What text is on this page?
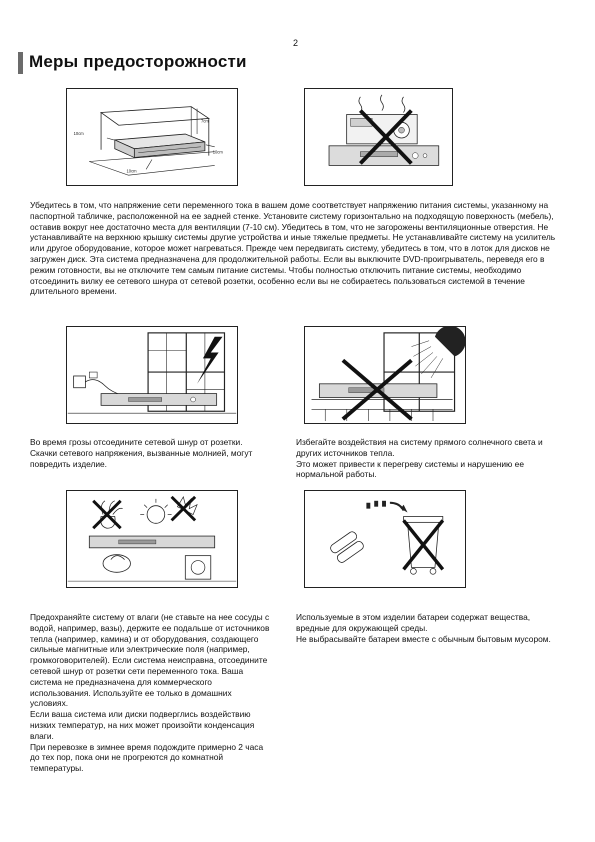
2
Меры предосторожности
10cm
10cm
10cm
7cm

Убедитесь в том, что напряжение сети переменного тока в вашем доме соответствует напряжению питания системы, указанному на паспортной табличке, расположенной на ее задней стенке. Установите систему горизонтально на подходящую поверхность (мебель), оставив вокруг нее достаточно места для вентиляции (7-10 см). Убедитесь в том, что не загорожены вентиляционные отверстия. Не устанавливайте на верхнюю крышку системы другие устройства и иные тяжелые предметы. Не устанавливайте систему на усилитель или другое оборудование, которое может нагреваться. Прежде чем передвигать систему, убедитесь в том, что в лоток для дисков не загружен диск. Эта система предназначена для продолжительной работы. Если вы выключите DVD-проигрыватель, переведя его в режим готовности, вы не отключите тем самым питание системы. Чтобы полностью отключить питание системы, необходимо отсоединить вилку ее сетевого шнура от сетевой розетки, особенно если вы не собираетесь пользоваться системой в течение длительного времени.

Во время грозы отсоедините сетевой шнур от розетки.

Скачки сетевого напряжения, вызванные молнией, могут повредить изделие.

Избегайте воздействия на систему прямого солнечного света и других источников тепла.

Это может привести к перегреву системы и нарушению ее нормальной работы.

Предохраняйте систему от влаги (не ставьте на нее сосуды с водой, например, вазы), держите ее подальше от источников тепла (например, камина) и от оборудования, создающего сильные магнитные или электрические поля (например, громкоговорителей). Если система неисправна, отсоедините сетевой шнур от розетки сети переменного тока. Ваша система не предназначена для коммерческого использования. Используйте ее только в домашних условиях.

Если ваша система или диски подверглись воздействию низких температур, на них может произойти конденсация влаги.

При перевозке в зимнее время подождите примерно 2 часа до тех пор, пока они не прогреются до комнатной температуры.

Используемые в этом изделии батареи содержат вещества, вредные для окружающей среды.

Не выбрасывайте батареи вместе с обычным бытовым мусором.
